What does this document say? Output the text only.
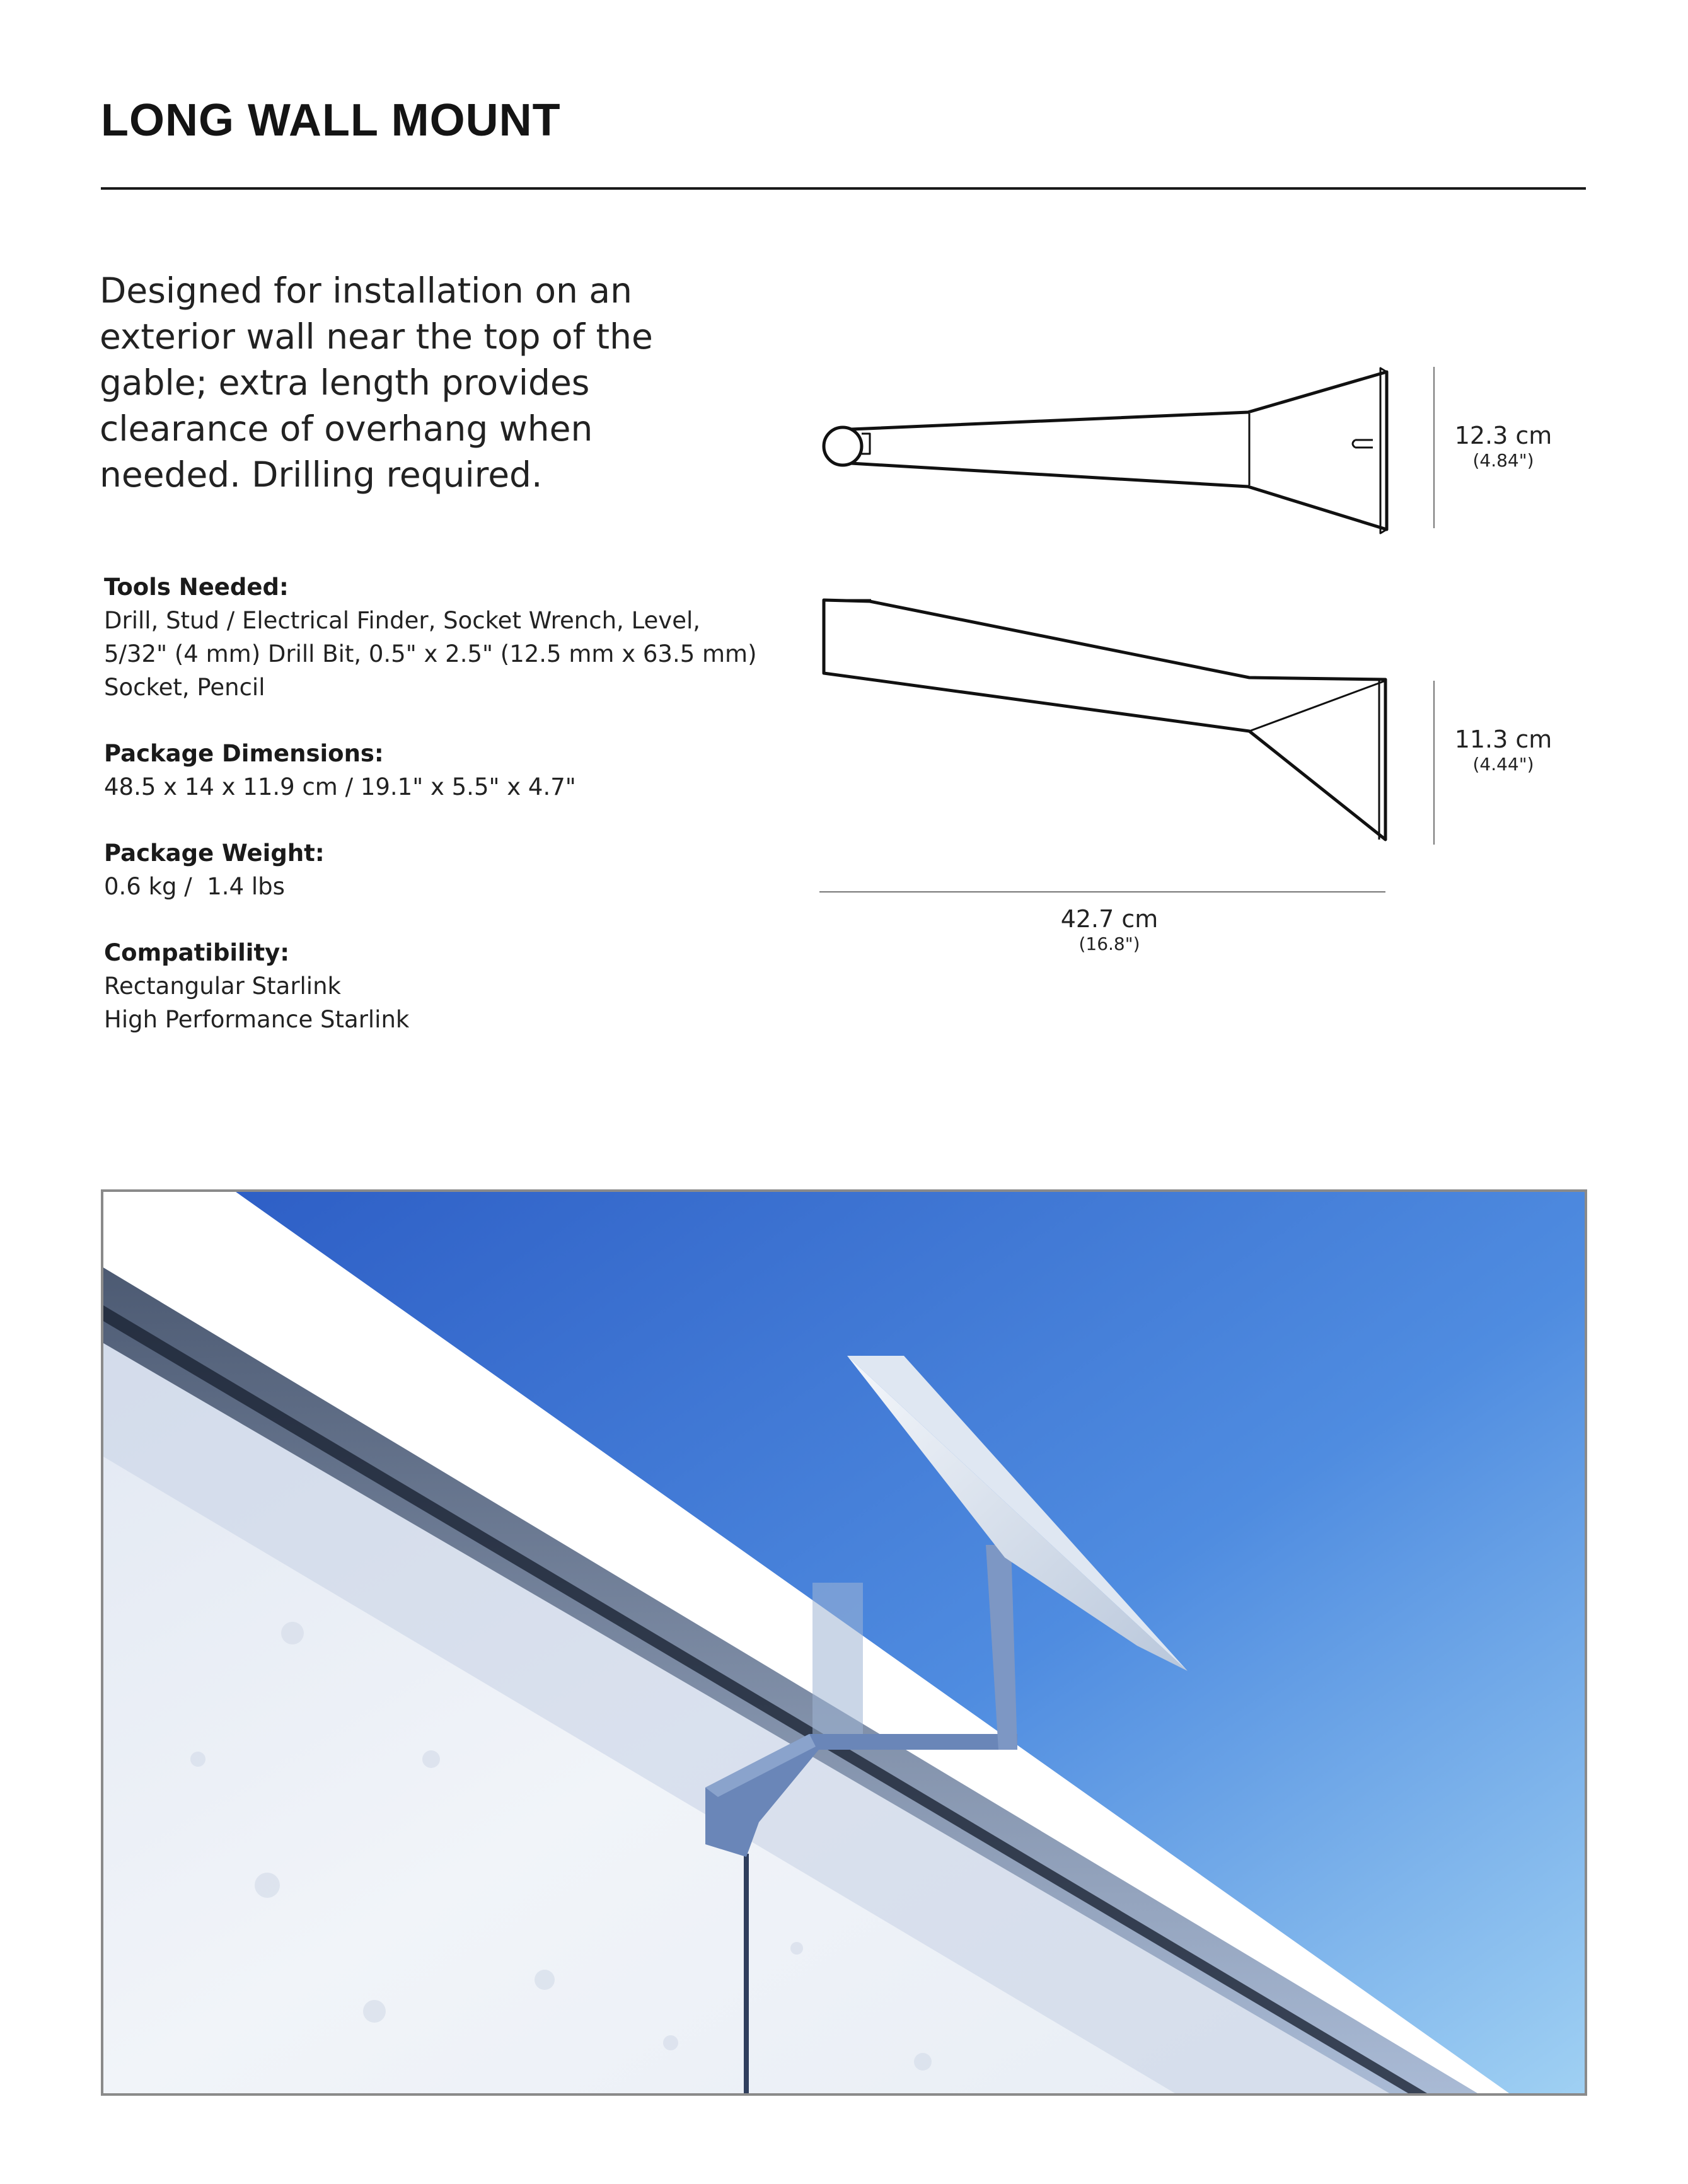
LONG WALL MOUNT

Designed for installation on an
exterior wall near the top of the
gable; extra length provides
clearance of overhang when
needed. Drilling required.

Tools Needed:
Drill, Stud / Electrical Finder, Socket Wrench, Level,
5/32" (4 mm) Drill Bit, 0.5" x 2.5" (12.5 mm x 63.5 mm)
Socket, Pencil
Package Dimensions:
48.5 x 14 x 11.9 cm / 19.1" x 5.5" x 4.7"
Package Weight:
0.6 kg /  1.4 lbs
Compatibility:
Rectangular Starlink
High Performance Starlink
12.3 cm
(4.84")
11.3 cm
(4.44")
42.7 cm
(16.8")
